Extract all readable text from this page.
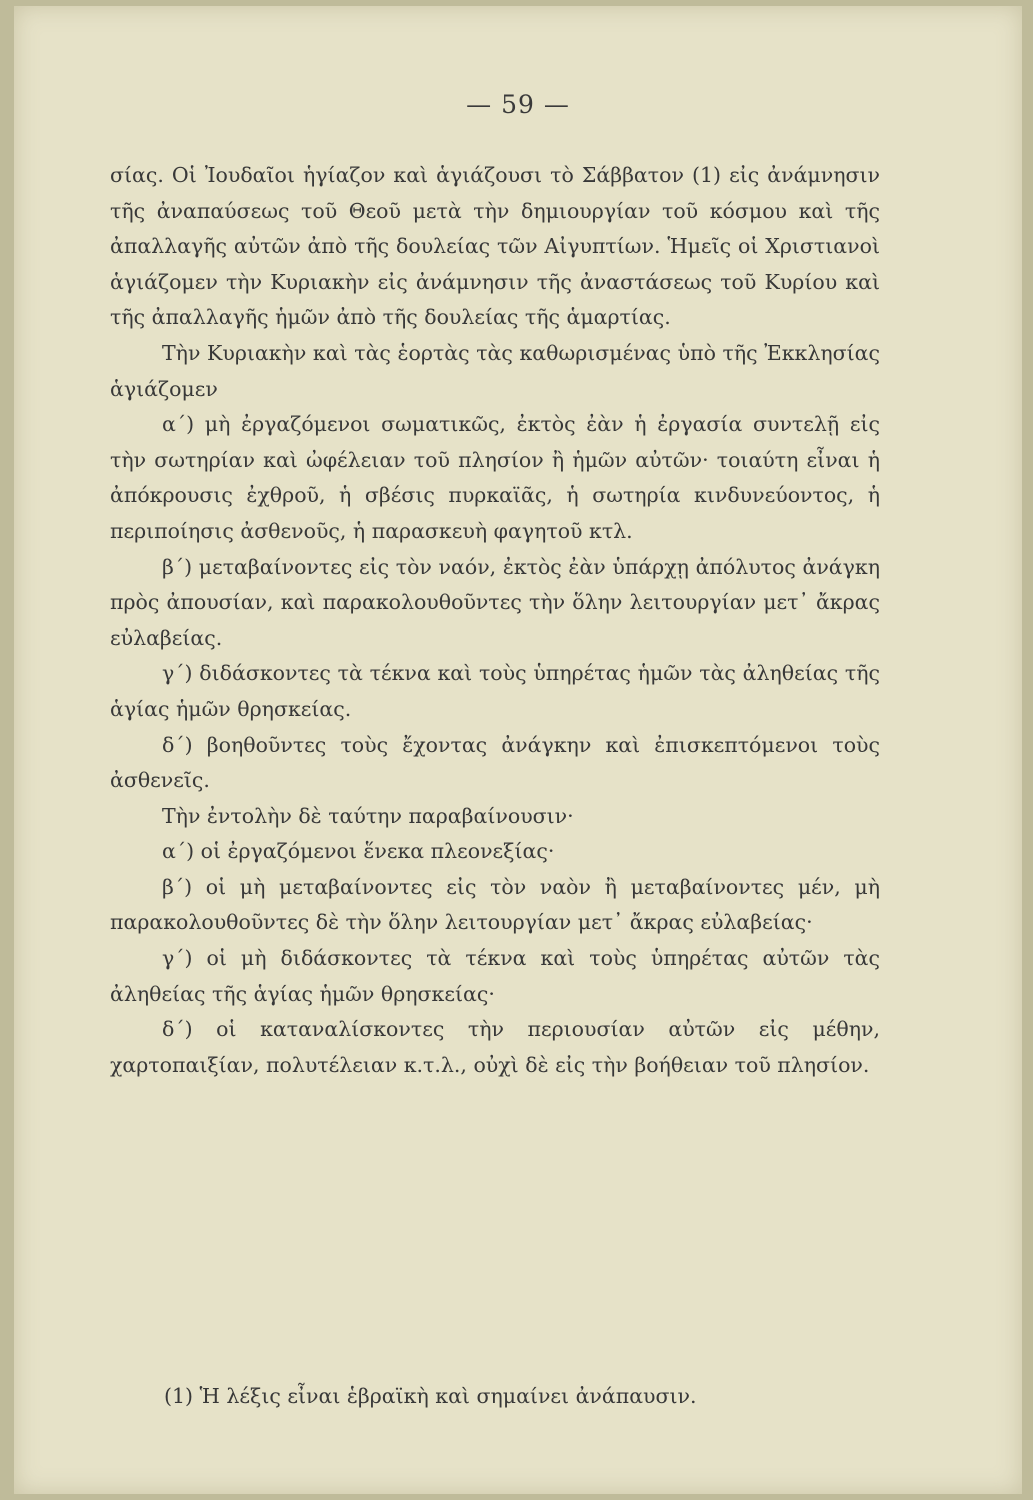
— 59 —

σίας. Οἱ Ἰουδαῖοι ἡγίαζον καὶ ἁγιάζουσι τὸ Σάββατον (1) εἰς ἀνάμνησιν τῆς ἀναπαύσεως τοῦ Θεοῦ μετὰ τὴν δημιουργίαν τοῦ κόσμου καὶ τῆς ἀπαλλαγῆς αὐτῶν ἀπὸ τῆς δουλείας τῶν Αἰγυπτίων. Ἡμεῖς οἱ Χριστιανοὶ ἁγιάζομεν τὴν Κυριακὴν εἰς ἀνάμνησιν τῆς ἀναστάσεως τοῦ Κυρίου καὶ τῆς ἀπαλλαγῆς ἡμῶν ἀπὸ τῆς δουλείας τῆς ἁμαρτίας.

Τὴν Κυριακὴν καὶ τὰς ἑορτὰς τὰς καθωρισμένας ὑπὸ τῆς Ἐκκλησίας ἁγιάζομεν

α΄) μὴ ἐργαζόμενοι σωματικῶς, ἐκτὸς ἐὰν ἡ ἐργασία συντελῇ εἰς τὴν σωτηρίαν καὶ ὠφέλειαν τοῦ πλησίον ἢ ἡμῶν αὐτῶν· τοιαύτη εἶναι ἡ ἀπόκρουσις ἐχθροῦ, ἡ σβέσις πυρκαϊᾶς, ἡ σωτηρία κινδυνεύοντος, ἡ περιποίησις ἀσθενοῦς, ἡ παρασκευὴ φαγητοῦ κτλ.

β΄) μεταβαίνοντες εἰς τὸν ναόν, ἐκτὸς ἐὰν ὑπάρχῃ ἀπόλυτος ἀνάγκη πρὸς ἀπουσίαν, καὶ παρακολουθοῦντες τὴν ὅλην λειτουργίαν μετ᾿ ἄκρας εὐλαβείας.

γ΄) διδάσκοντες τὰ τέκνα καὶ τοὺς ὑπηρέτας ἡμῶν τὰς ἀληθείας τῆς ἁγίας ἡμῶν θρησκείας.

δ΄) βοηθοῦντες τοὺς ἔχοντας ἀνάγκην καὶ ἐπισκεπτόμενοι τοὺς ἀσθενεῖς.

Τὴν ἐντολὴν δὲ ταύτην παραβαίνουσιν·

α΄) οἱ ἐργαζόμενοι ἕνεκα πλεονεξίας·

β΄) οἱ μὴ μεταβαίνοντες εἰς τὸν ναὸν ἢ μεταβαίνοντες μέν, μὴ παρακολουθοῦντες δὲ τὴν ὅλην λειτουργίαν μετ᾿ ἄκρας εὐλαβείας·

γ΄) οἱ μὴ διδάσκοντες τὰ τέκνα καὶ τοὺς ὑπηρέτας αὐτῶν τὰς ἀληθείας τῆς ἁγίας ἡμῶν θρησκείας·

δ΄) οἱ καταναλίσκοντες τὴν περιουσίαν αὐτῶν εἰς μέθην, χαρτοπαιξίαν, πολυτέλειαν κ.τ.λ., οὐχὶ δὲ εἰς τὴν βοήθειαν τοῦ πλησίον.

(1) Ἡ λέξις εἶναι ἑβραϊκὴ καὶ σημαίνει ἀνάπαυσιν.
